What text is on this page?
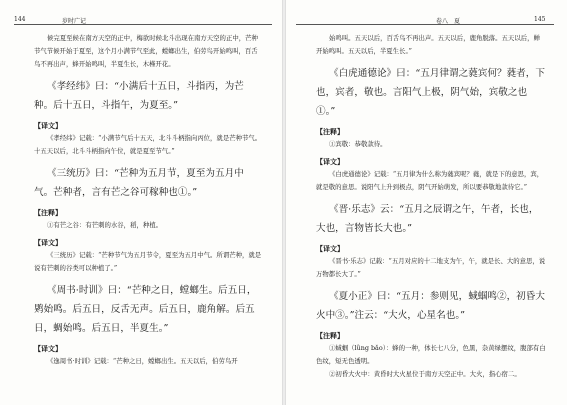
144	岁时广记

候完夏至候在南方天空的正中，梅欲时候北斗出现在南方天空的正中，芒种节气节候开始于夏至，这个月小满节气至此，螳螂出生，伯劳鸟开始鸣叫，百舌鸟不再出声，蜂开始鸣叫，半夏生长，木槿开花。

《孝经纬》曰：“小满后十五日，斗指丙，为芒种。后十五日，斗指午，为夏至。”

【译文】

《孝经纬》记载：“小满节气后十五天，北斗斗柄指向丙位，就是芒种节气。十五天以后，北斗斗柄指向午位，就是夏至节气。”

《三统历》曰：“芒种为五月节，夏至为五月中气。芒种者，言有芒之谷可稼种也①。”

【注释】

①有芒之谷：有芒刺的水谷，稻，种植。

【译文】

《三统历》记载：“芒种节气为五月节令，夏至为五月中气。所谓芒种，就是说有芒刺的谷类可以种植了。”

《周书·时训》曰：“芒种之日，螳螂生。后五日，䴗始鸣。后五日，反舌无声。后五日，鹿角解。后五日，蜩始鸣。后五日，半夏生。”

【译文】

《逸周书·时训》记载：“芒种之日，螳螂出生。五天以后，伯劳鸟开

卷八　夏	145

始鸣叫。五天以后，百舌鸟不再出声。五天以后，鹿角脱落。五天以后，蝉开始鸣叫。五天以后，半夏生长。”

《白虎通德论》曰：“五月律谓之蕤宾何？蕤者，下也，宾者，敬也。言阳气上极，阴气始，宾敬之也①。”

【注释】

①宾敬：恭敬款待。

【译文】

《白虎通德论》记载：“五月律为什么称为蕤宾呢？蕤，就是下的意思，宾，就是敬的意思。说阳气上升到极点，阴气开始萌发，所以要恭敬地款待它。”

《晋·乐志》云：“五月之辰谓之午，午者，长也，大也，言物皆长大也。”

【译文】

《晋书·乐志》记载：“五月对应的十二地支为午，午，就是长、大的意思，说万物都长大了。”

《夏小正》曰：“五月：参则见，蜮蝈鸣②，初昏大火中③。”注云：“大火，心星名也。”

【注释】

①蜮蝈（lǜng bǎo）：蜂的一种，体长七八分，色黑，杂黄绿摆纹，腹部有白色纹，短无色透明。

②初昏大火中：黄昏时大火星位于南方天空正中。大火，指心宿二。
